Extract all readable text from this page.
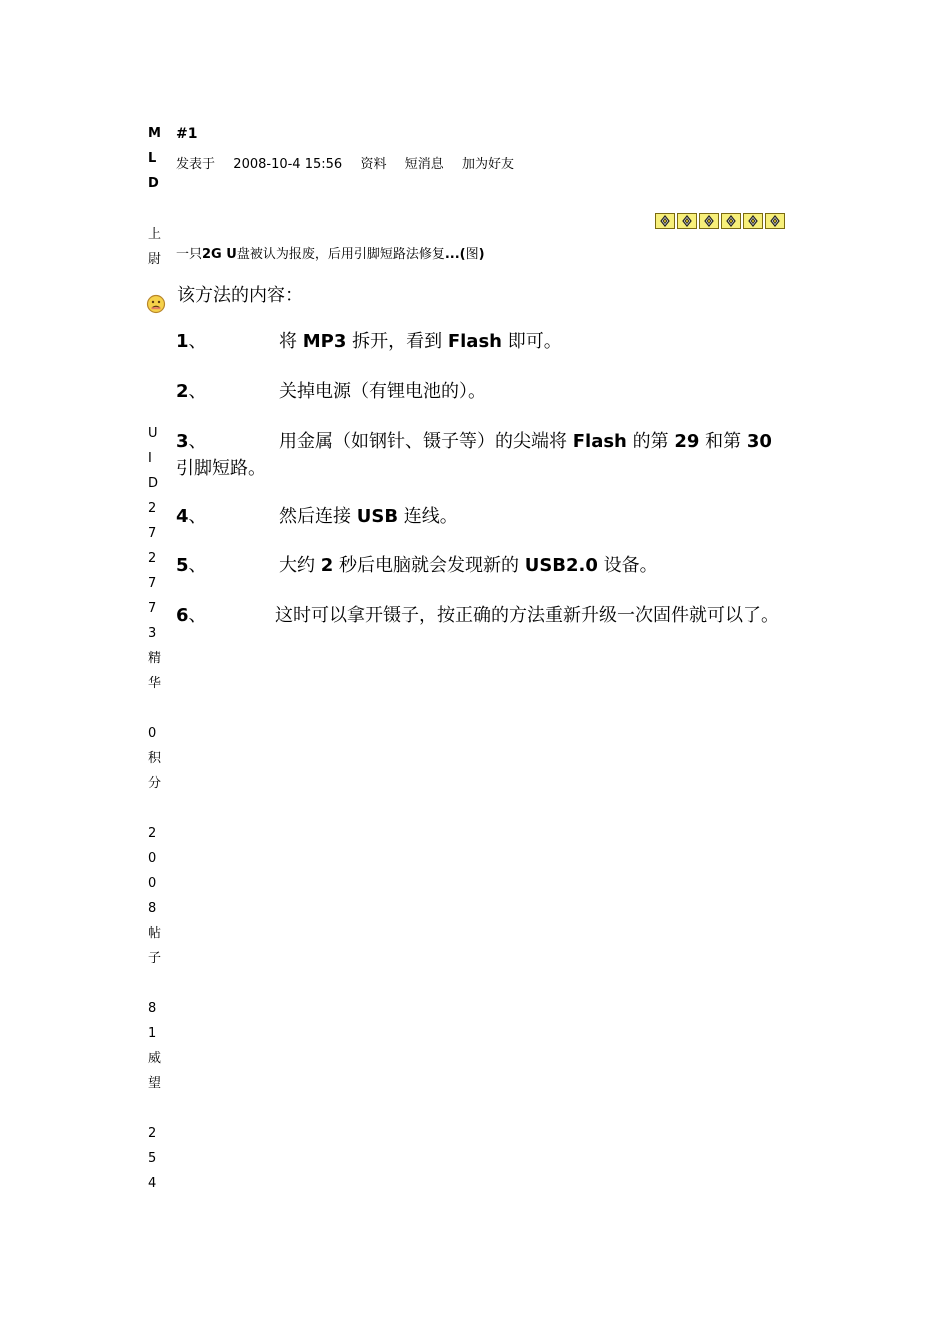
M
L
D
上
尉
U
I
D
2
7
2
7
7
3
精
华
0
积
分
2
0
0
8
帖
子
8
1
威
望
2
5
4
#1
发表于 2008-10-4 15:56 资料 短消息 加为好友
一只2G U盘被认为报废，后用引脚短路法修复...(图)
该方法的内容：
1、	将 MP3 拆开，看到 Flash 即可。
2、	关掉电源（有锂电池的）。
3、	用金属（如钢针、镊子等）的尖端将 Flash 的第 29 和第 30
引脚短路。
4、	然后连接 USB 连线。
5、	大约 2 秒后电脑就会发现新的 USB2.0 设备。
6、	这时可以拿开镊子，按正确的方法重新升级一次固件就可以了。
